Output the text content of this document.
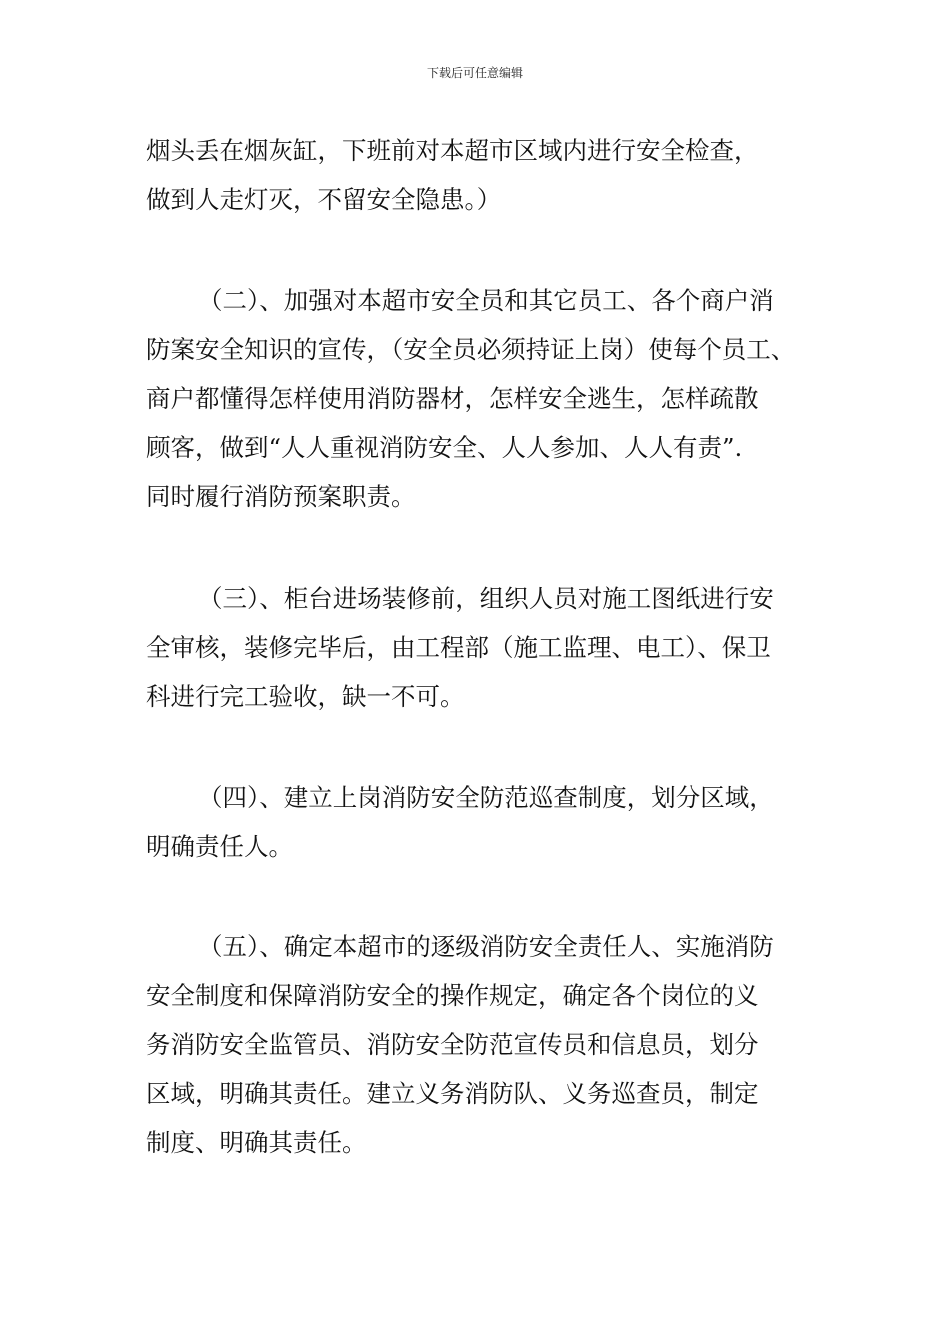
下载后可任意编辑
烟头丢在烟灰缸，下班前对本超市区域内进行安全检查，
做到人走灯灭，不留安全隐患。）
（二）、加强对本超市安全员和其它员工、各个商户消
防案安全知识的宣传，（安全员必须持证上岗）使每个员工、
商户都懂得怎样使用消防器材，怎样安全逃生，怎样疏散
顾客，做到“人人重视消防安全、人人参加、人人有责”.
同时履行消防预案职责。
（三）、柜台进场装修前，组织人员对施工图纸进行安
全审核，装修完毕后，由工程部（施工监理、电工）、保卫
科进行完工验收，缺一不可。
（四）、建立上岗消防安全防范巡查制度，划分区域，
明确责任人。
（五）、确定本超市的逐级消防安全责任人、实施消防
安全制度和保障消防安全的操作规定，确定各个岗位的义
务消防安全监管员、消防安全防范宣传员和信息员，划分
区域，明确其责任。建立义务消防队、义务巡查员，制定
制度、明确其责任。
